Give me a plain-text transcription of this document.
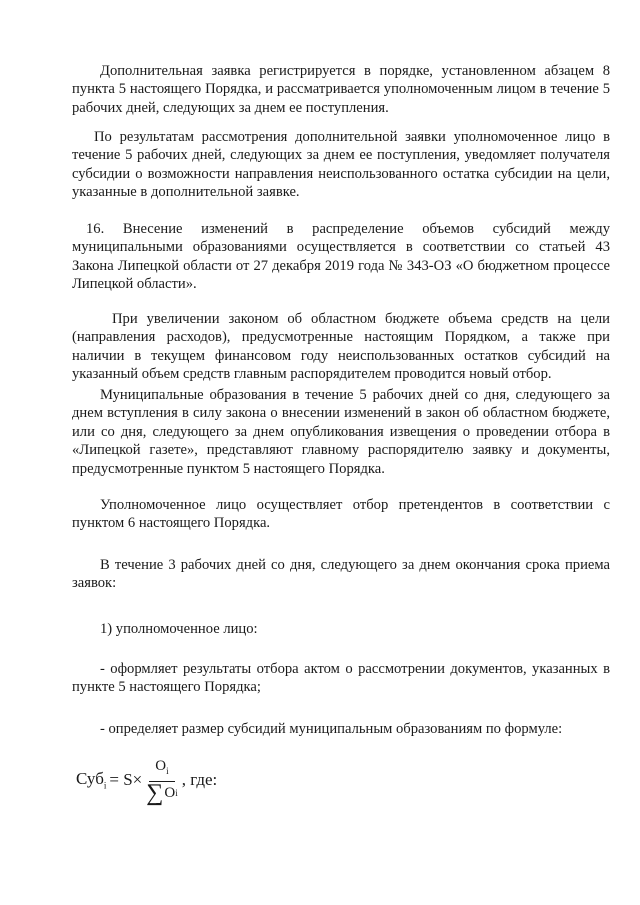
Дополнительная заявка регистрируется в порядке, установленном абзацем 8 пункта 5 настоящего Порядка, и рассматривается уполномоченным лицом в течение 5 рабочих дней, следующих за днем ее поступления.

По результатам рассмотрения дополнительной заявки уполномоченное лицо в течение 5 рабочих дней, следующих за днем ее поступления, уведомляет получателя субсидии о возможности направления неиспользованного остатка субсидии на цели, указанные в дополнительной заявке.

16. Внесение изменений в распределение объемов субсидий между муниципальными образованиями осуществляется в соответствии со статьей 43 Закона Липецкой области от 27 декабря 2019 года № 343-ОЗ «О бюджетном процессе Липецкой области».

При увеличении законом об областном бюджете объема средств на цели (направления расходов), предусмотренные настоящим Порядком, а также при наличии в текущем финансовом году неиспользованных остатков субсидий на указанный объем средств главным распорядителем проводится новый отбор.

Муниципальные образования в течение 5 рабочих дней со дня, следующего за днем вступления в силу закона о внесении изменений в закон об областном бюджете, или со дня, следующего за днем опубликования извещения о проведении отбора в «Липецкой газете», представляют главному распорядителю заявку и документы, предусмотренные пунктом 5 настоящего Порядка.

Уполномоченное лицо осуществляет отбор претендентов в соответствии с пунктом 6 настоящего Порядка.

В течение 3 рабочих дней со дня, следующего за днем окончания срока приема заявок:

1) уполномоченное лицо:

- оформляет результаты отбора актом о рассмотрении документов, указанных в пункте 5 настоящего Порядка;

- определяет размер субсидий муниципальным образованиям по формуле:

$Суб_i = S\times \frac{O_i}{\text{∑ O i}}$ , где:
